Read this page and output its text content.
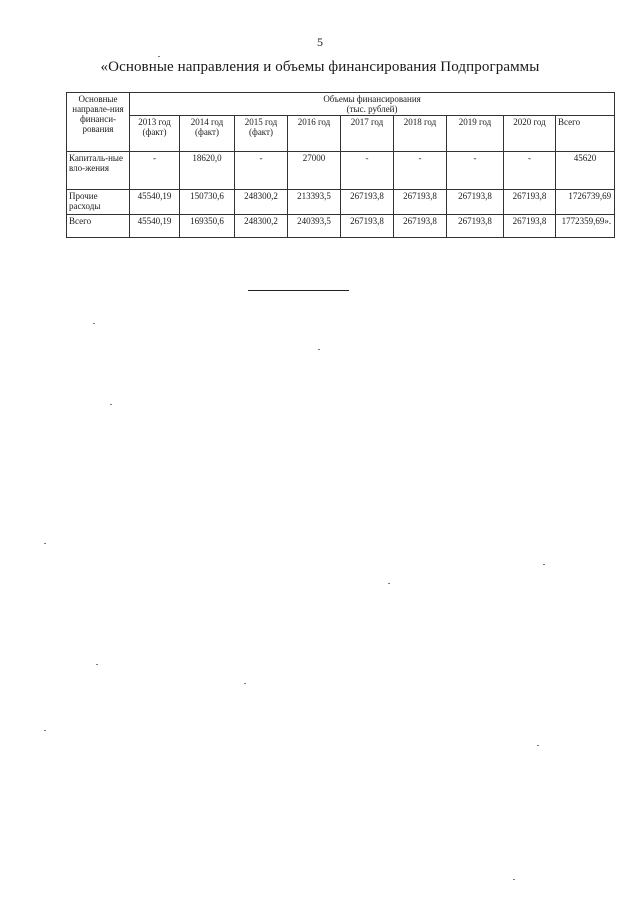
5
«Основные направления и объемы финансирования Подпрограммы
Основные направле-ния финанси-рования	Объемы финансирования
(тыс. рублей)								

	2013 год (факт)	2014 год (факт)	2015 год (факт)	2016 год	2017 год	2018 год	2019 год	2020 год	Всего
Капиталь-ные вло-жения	-	18620,0	-	27000	-	-	-	-	45620
Прочие расходы	45540,19	150730,6	248300,2	213393,5	267193,8	267193,8	267193,8	267193,8	1726739,69
Всего	45540,19	169350,6	248300,2	240393,5	267193,8	267193,8	267193,8	267193,8	1772359,69».
